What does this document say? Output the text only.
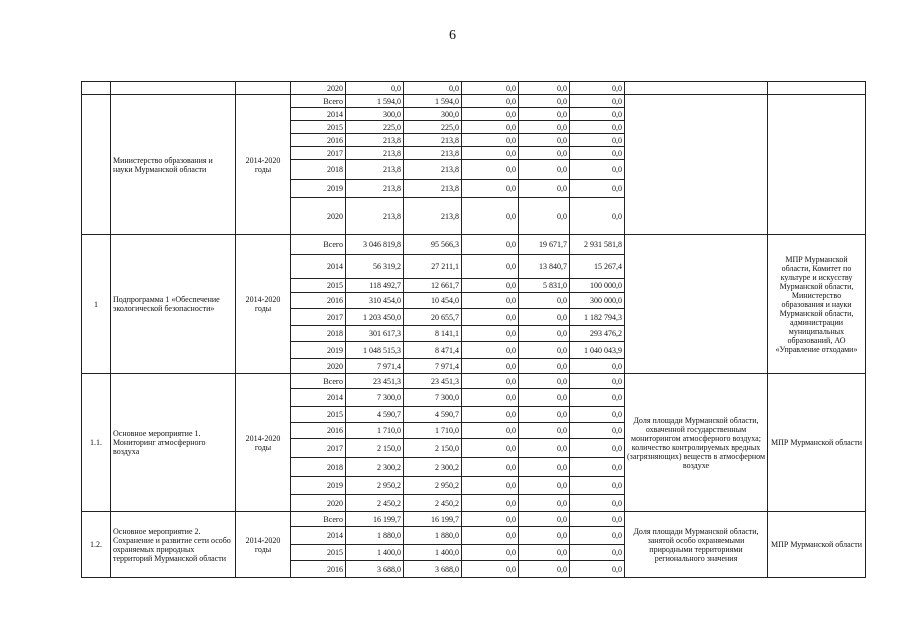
6
			2020	0,0	0,0	0,0	0,0	0,0		
	Министерство образования и науки Мурманской области	2014-2020 годы	Всего	1 594,0	1 594,0	0,0	0,0	0,0		
			2014	300,0	300,0	0,0	0,0	0,0		
			2015	225,0	225,0	0,0	0,0	0,0		
			2016	213,8	213,8	0,0	0,0	0,0		
			2017	213,8	213,8	0,0	0,0	0,0		
			2018	213,8	213,8	0,0	0,0	0,0		
			2019	213,8	213,8	0,0	0,0	0,0		
			2020	213,8	213,8	0,0	0,0	0,0		
1	Подпрограмма 1 «Обеспечение экологической безопасности»	2014-2020 годы	Всего	3 046 819,8	95 566,3	0,0	19 671,7	2 931 581,8		МПР Мурманской области, Комитет по культуре и искусству Мурманской области, Министерство образования и науки Мурманской области, администрации муниципальных образований, АО «Управление отходами»
			2014	56 319,2	27 211,1	0,0	13 840,7	15 267,4		
			2015	118 492,7	12 661,7	0,0	5 831,0	100 000,0		
			2016	310 454,0	10 454,0	0,0	0,0	300 000,0		
			2017	1 203 450,0	20 655,7	0,0	0,0	1 182 794,3		
			2018	301 617,3	8 141,1	0,0	0,0	293 476,2		
			2019	1 048 515,3	8 471,4	0,0	0,0	1 040 043,9		
			2020	7 971,4	7 971,4	0,0	0,0	0,0		
1.1.	Основное мероприятие 1. Мониторинг атмосферного воздуха	2014-2020 годы	Всего	23 451,3	23 451,3	0,0	0,0	0,0	Доля площади Мурманской области, охваченной государственным мониторингом атмосферного воздуха; количество контролируемых вредных (загрязняющих) веществ в атмосферном воздухе	МПР Мурманской области
			2014	7 300,0	7 300,0	0,0	0,0	0,0		
			2015	4 590,7	4 590,7	0,0	0,0	0,0		
			2016	1 710,0	1 710,0	0,0	0,0	0,0		
			2017	2 150,0	2 150,0	0,0	0,0	0,0		
			2018	2 300,2	2 300,2	0,0	0,0	0,0		
			2019	2 950,2	2 950,2	0,0	0,0	0,0		
			2020	2 450,2	2 450,2	0,0	0,0	0,0		
1.2.	Основное мероприятие 2. Сохранение и развитие сети особо охраняемых природных территорий Мурманской области	2014-2020 годы	Всего	16 199,7	16 199,7	0,0	0,0	0,0	Доля площади Мурманской области, занятой особо охраняемыми природными территориями регионального значения	МПР Мурманской области
			2014	1 880,0	1 880,0	0,0	0,0	0,0		
			2015	1 400,0	1 400,0	0,0	0,0	0,0		
			2016	3 688,0	3 688,0	0,0	0,0	0,0		
